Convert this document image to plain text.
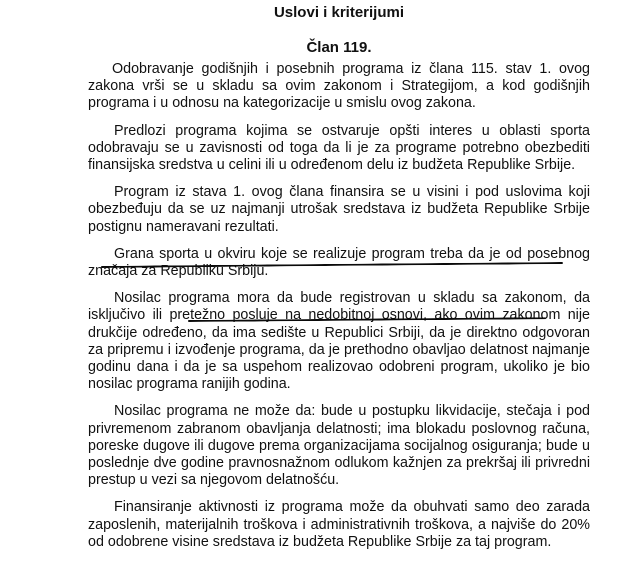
Uslovi i kriterijumi

Član 119.

Odobravanje godišnjih i posebnih programa iz člana 115. stav 1. ovog zakona vrši se u skladu sa ovim zakonom i Strategijom, a kod godišnjih programa i u odnosu na kategorizacije u smislu ovog zakona.

Predlozi programa kojima se ostvaruje opšti interes u oblasti sporta odobravaju se u zavisnosti od toga da li je za programe potrebno obezbediti finansijska sredstva u celini ili u određenom delu iz budžeta Republike Srbije.

Program iz stava 1. ovog člana finansira se u visini i pod uslovima koji obezbeđuju da se uz najmanji utrošak sredstava iz budžeta Republike Srbije postignu nameravani rezultati.

Grana sporta u okviru koje se realizuje program treba da je od posebnog značaja za Republiku Srbiju.

Nosilac programa mora da bude registrovan u skladu sa zakonom, da isključivo ili pretežno posluje na nedobitnoj osnovi, ako ovim zakonom nije drukčije određeno, da ima sedište u Republici Srbiji, da je direktno odgovoran za pripremu i izvođenje programa, da je prethodno obavljao delatnost najmanje godinu dana i da je sa uspehom realizovao odobreni program, ukoliko je bio nosilac programa ranijih godina.

Nosilac programa ne može da: bude u postupku likvidacije, stečaja i pod privremenom zabranom obavljanja delatnosti; ima blokadu poslovnog računa, poreske dugove ili dugove prema organizacijama socijalnog osiguranja; bude u poslednje dve godine pravnosnažnom odlukom kažnjen za prekršaj ili privredni prestup u vezi sa njegovom delatnošću.

Finansiranje aktivnosti iz programa može da obuhvati samo deo zarada zaposlenih, materijalnih troškova i administrativnih troškova, a najviše do 20% od odobrene visine sredstava iz budžeta Republike Srbije za taj program.
